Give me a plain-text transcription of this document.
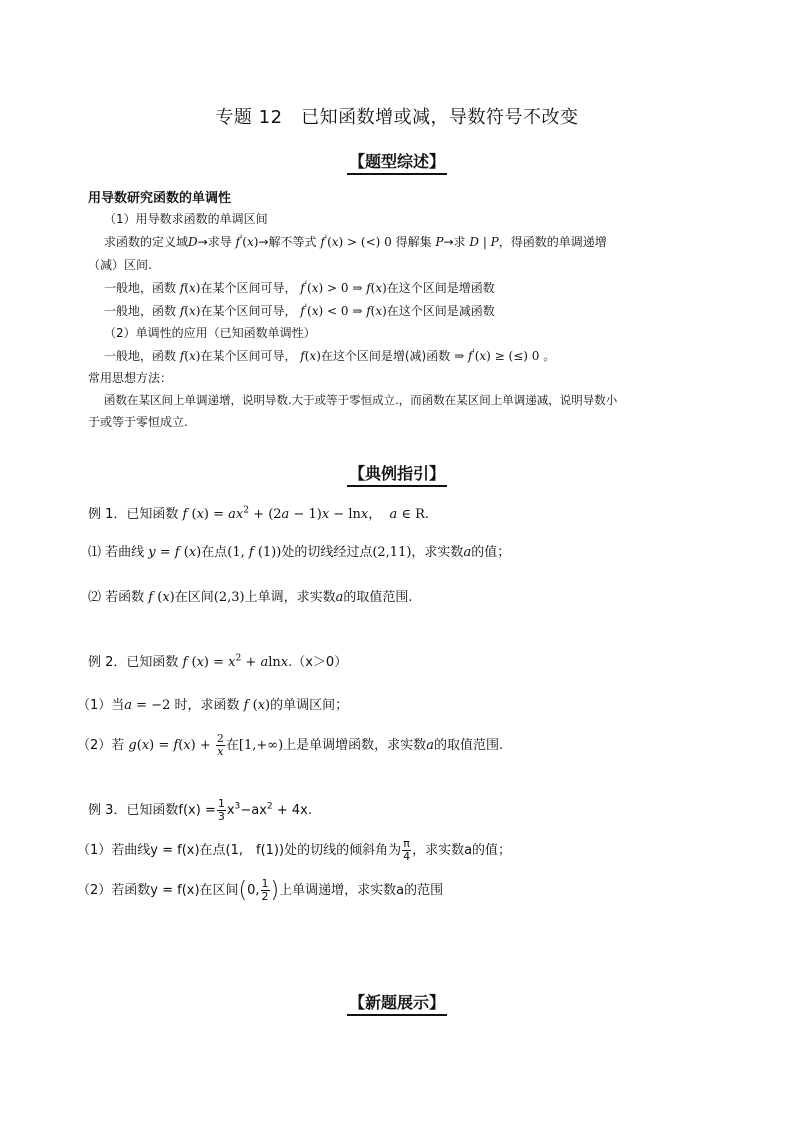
专题 12　已知函数增或减，导数符号不改变
【题型综述】
用导数研究函数的单调性
（1）用导数求函数的单调区间
求函数的定义域D→求导 f'(x)→解不等式 f'(x) > (<) 0 得解集 P→求 D | P，得函数的单调递增
（减）区间.
一般地，函数 f(x)在某个区间可导， f'(x) > 0 ⇒ f(x)在这个区间是增函数
一般地，函数 f(x)在某个区间可导， f'(x) < 0 ⇒ f(x)在这个区间是减函数
（2）单调性的应用（已知函数单调性）
一般地，函数 f(x)在某个区间可导， f(x)在这个区间是增(减)函数 ⇒ f'(x) ≥ (≤) 0 。
常用思想方法：
函数在某区间上单调递增，说明导数.大于或等于零恒成立.，而函数在某区间上单调递减，说明导数小
于或等于零恒成立.
【典例指引】
例 1．已知函数 f $(x) = ax^2 + (2a - 1)x - \ln x$， a ∈ R.
⑴ 若曲线 y = f (x)在点(1, f (1))处的切线经过点(2,11)，求实数a的值；
⑵ 若函数 f (x)在区间(2,3)上单调，求实数a的取值范围.
例 2．已知函数 f $(x) = x^2 + alnx.(x>0)$
（1）当a = −2 时，求函数 f (x)的单调区间；
（2）若 $g(x) = f(x) + \frac{2}{x}$ 在[1,+∞)上是单调增函数，求实数a的取值范围.
例 3．已知函数$f(x) = \frac{1}{3} x^3-ax^2 + 4x$.
（1）若曲线y = f(x)在点(1,　f(1))处的切线的倾斜角为 $\frac{\pi}{4}$ ，求实数a的值；
（2）若函数y = f(x)在区间(0, $\frac{1}{2}$ )上单调递增，求实数a的范围
【新题展示】
